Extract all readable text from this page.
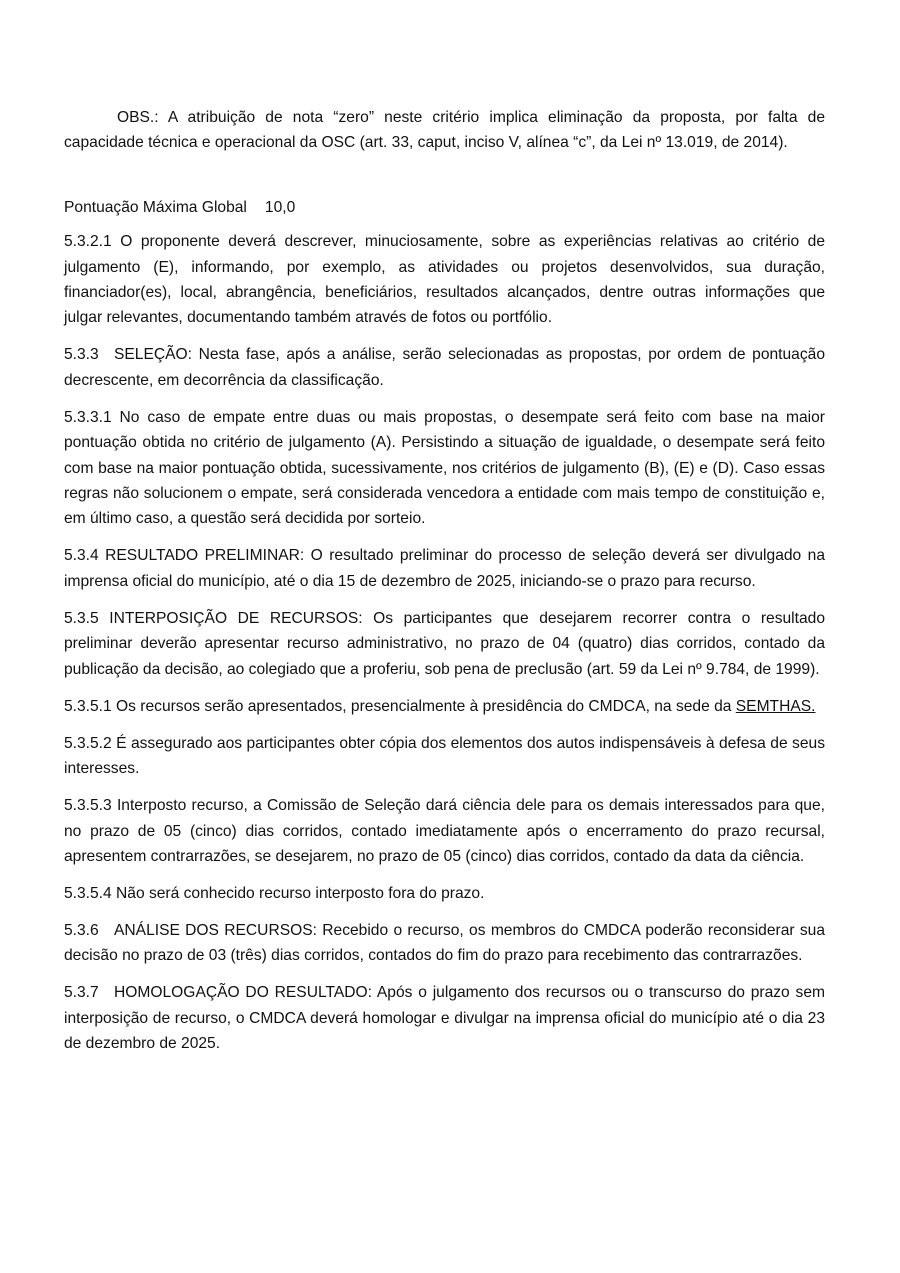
OBS.: A atribuição de nota “zero” neste critério implica eliminação da proposta, por falta de capacidade técnica e operacional da OSC (art. 33, caput, inciso V, alínea “c”, da Lei nº 13.019, de 2014).

Pontuação Máxima Global 10,0

5.3.2.1 O proponente deverá descrever, minuciosamente, sobre as experiências relativas ao critério de julgamento (E), informando, por exemplo, as atividades ou projetos desenvolvidos, sua duração, financiador(es), local, abrangência, beneficiários, resultados alcançados, dentre outras informações que julgar relevantes, documentando também através de fotos ou portfólio.

5.3.3 SELEÇÃO: Nesta fase, após a análise, serão selecionadas as propostas, por ordem de pontuação decrescente, em decorrência da classificação.

5.3.3.1 No caso de empate entre duas ou mais propostas, o desempate será feito com base na maior pontuação obtida no critério de julgamento (A). Persistindo a situação de igualdade, o desempate será feito com base na maior pontuação obtida, sucessivamente, nos critérios de julgamento (B), (E) e (D). Caso essas regras não solucionem o empate, será considerada vencedora a entidade com mais tempo de constituição e, em último caso, a questão será decidida por sorteio.

5.3.4 RESULTADO PRELIMINAR: O resultado preliminar do processo de seleção deverá ser divulgado na imprensa oficial do município, até o dia 15 de dezembro de 2025, iniciando-se o prazo para recurso.

5.3.5 INTERPOSIÇÃO DE RECURSOS: Os participantes que desejarem recorrer contra o resultado preliminar deverão apresentar recurso administrativo, no prazo de 04 (quatro) dias corridos, contado da publicação da decisão, ao colegiado que a proferiu, sob pena de preclusão (art. 59 da Lei nº 9.784, de 1999).

5.3.5.1 Os recursos serão apresentados, presencialmente à presidência do CMDCA, na sede da SEMTHAS.

5.3.5.2 É assegurado aos participantes obter cópia dos elementos dos autos indispensáveis à defesa de seus interesses.

5.3.5.3 Interposto recurso, a Comissão de Seleção dará ciência dele para os demais interessados para que, no prazo de 05 (cinco) dias corridos, contado imediatamente após o encerramento do prazo recursal, apresentem contrarrazões, se desejarem, no prazo de 05 (cinco) dias corridos, contado da data da ciência.

5.3.5.4 Não será conhecido recurso interposto fora do prazo.

5.3.6 ANÁLISE DOS RECURSOS: Recebido o recurso, os membros do CMDCA poderão reconsiderar sua decisão no prazo de 03 (três) dias corridos, contados do fim do prazo para recebimento das contrarrazões.

5.3.7 HOMOLOGAÇÃO DO RESULTADO: Após o julgamento dos recursos ou o transcurso do prazo sem interposição de recurso, o CMDCA deverá homologar e divulgar na imprensa oficial do município até o dia 23 de dezembro de 2025.
